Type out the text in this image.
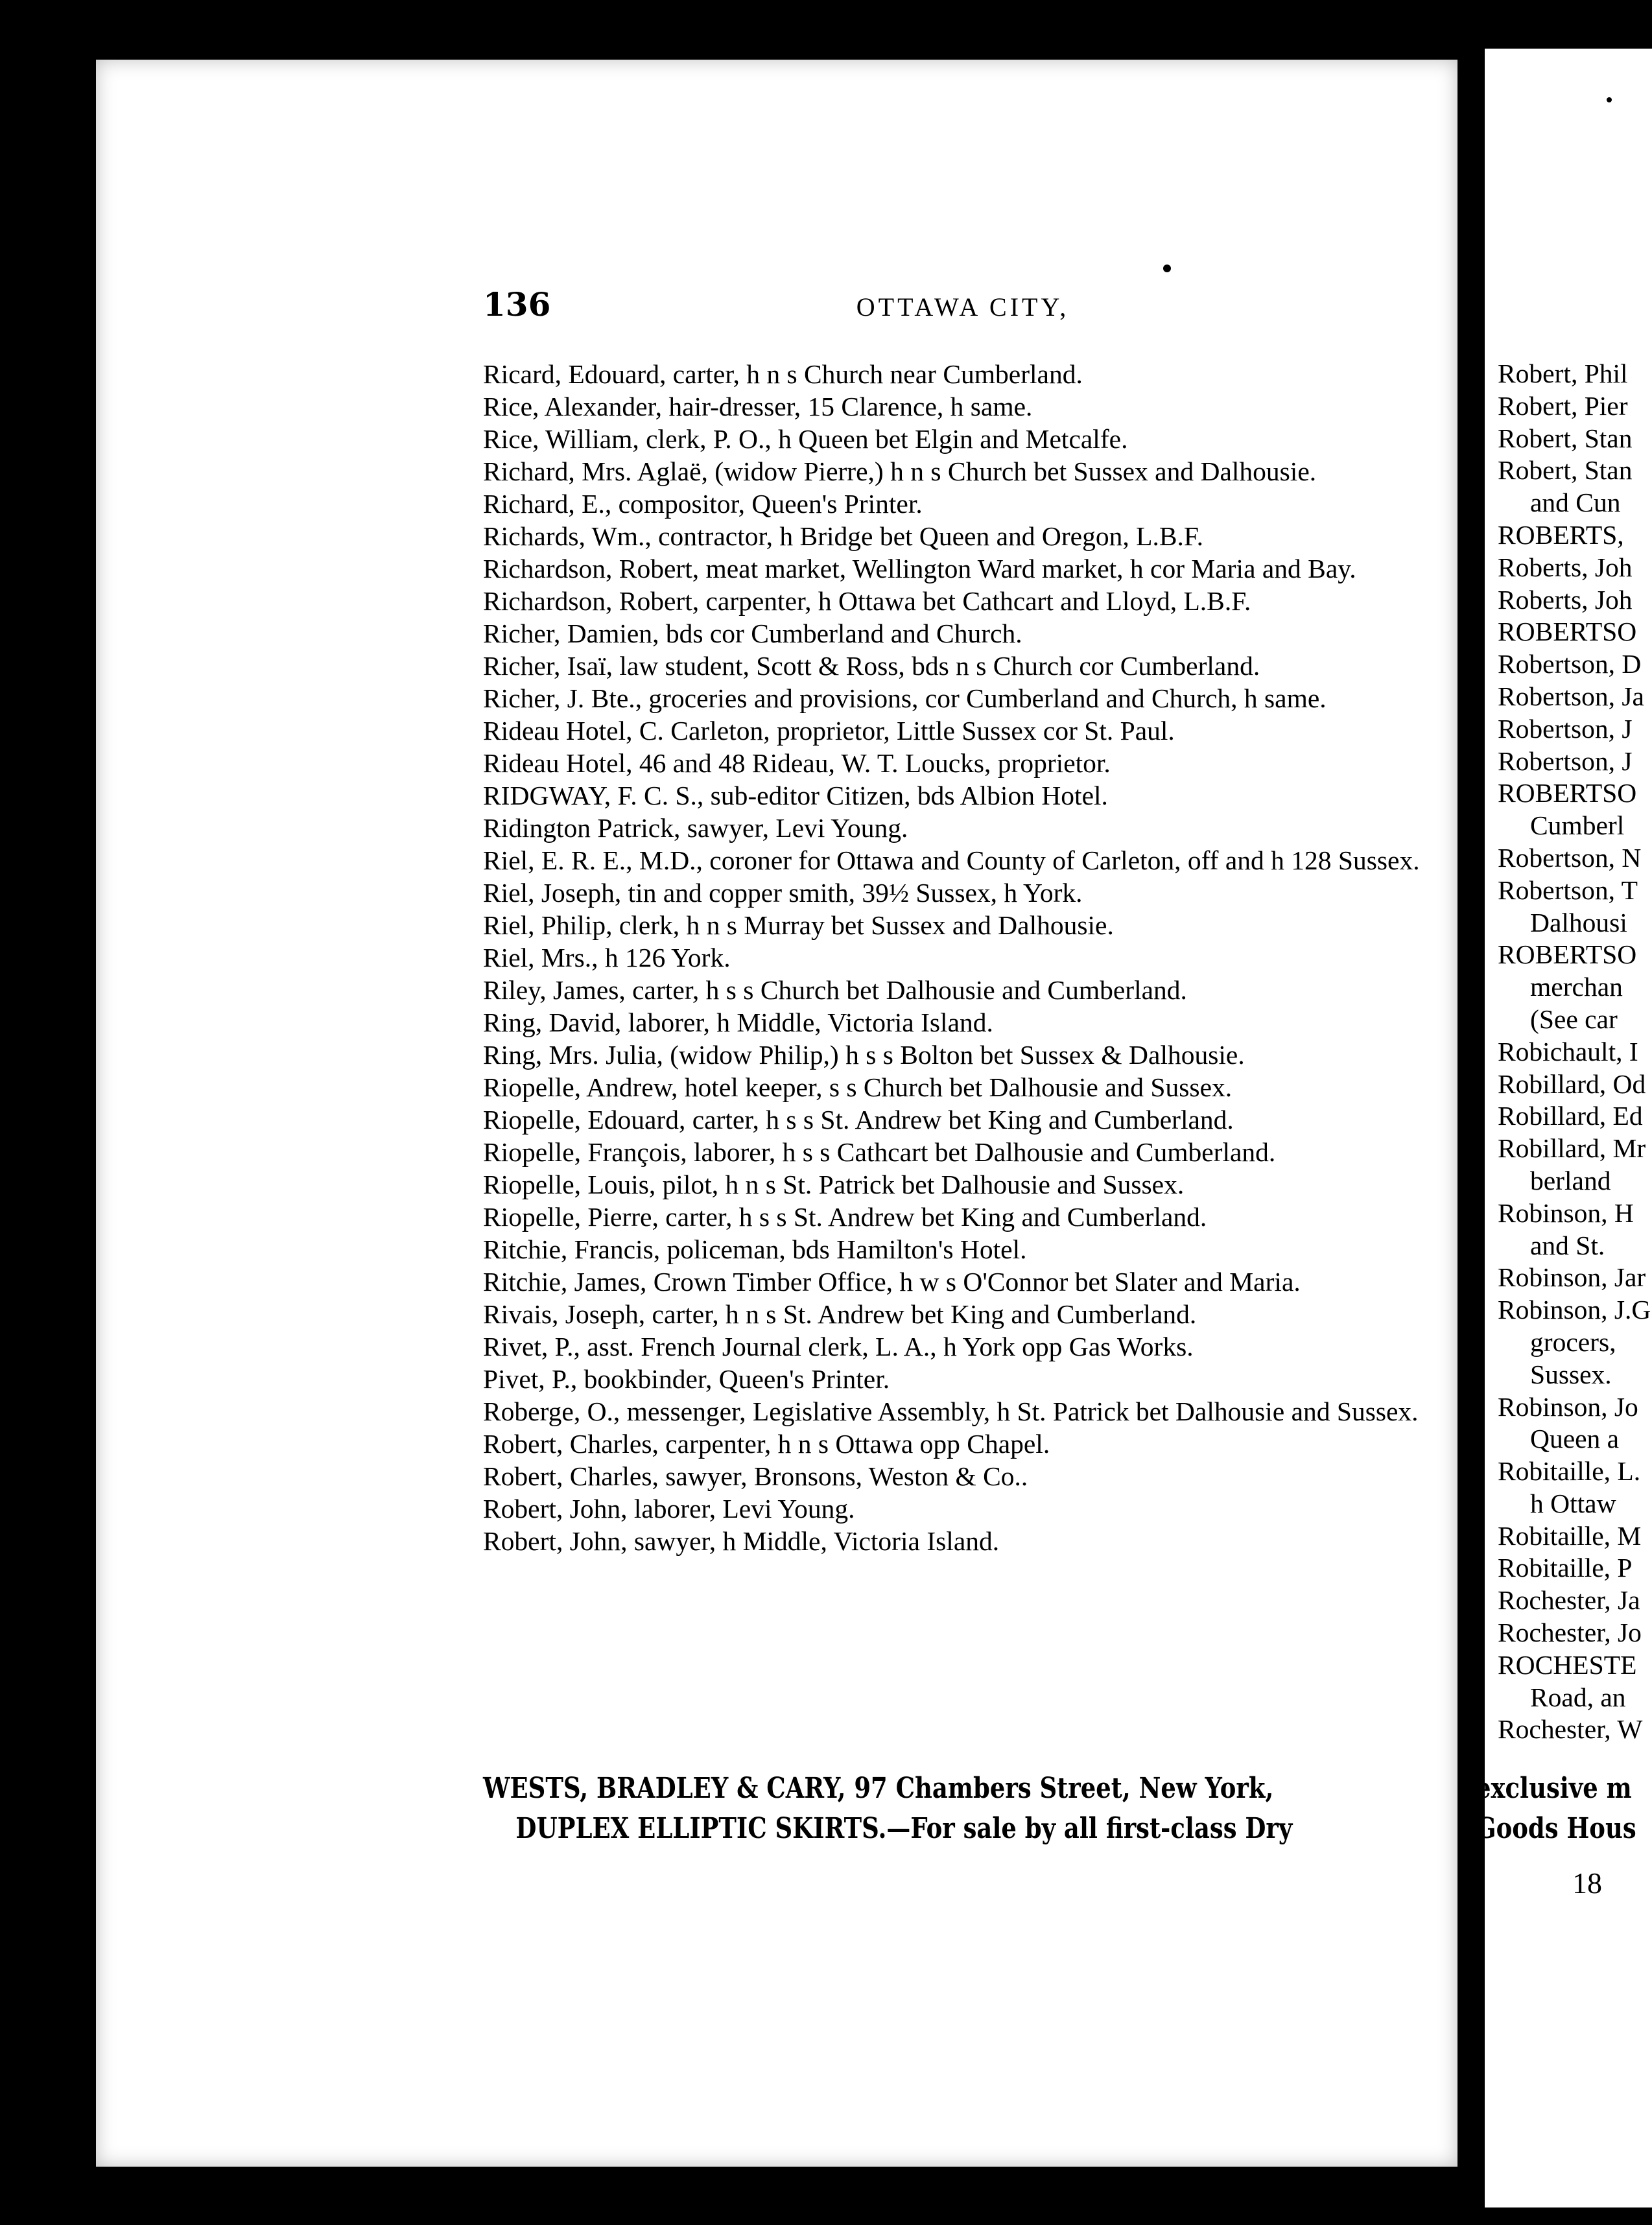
136	OTTAWA CITY,
Ricard, Edouard, carter, h n s Church near Cumberland.
Rice, Alexander, hair-dresser, 15 Clarence, h same.
Rice, William, clerk, P. O., h Queen bet Elgin and Metcalfe.
Richard, Mrs. Aglaë, (widow Pierre,) h n s Church bet Sussex and Dalhousie.
Richard, E., compositor, Queen's Printer.
Richards, Wm., contractor, h Bridge bet Queen and Oregon, L.B.F.
Richardson, Robert, meat market, Wellington Ward market, h cor Maria and Bay.
Richardson, Robert, carpenter, h Ottawa bet Cathcart and Lloyd, L.B.F.
Richer, Damien, bds cor Cumberland and Church.
Richer, Isaï, law student, Scott & Ross, bds n s Church cor Cumberland.
Richer, J. Bte., groceries and provisions, cor Cumberland and Church, h same.
Rideau Hotel, C. Carleton, proprietor, Little Sussex cor St. Paul.
Rideau Hotel, 46 and 48 Rideau, W. T. Loucks, proprietor.
RIDGWAY, F. C. S., sub-editor Citizen, bds Albion Hotel.
Ridington Patrick, sawyer, Levi Young.
Riel, E. R. E., M.D., coroner for Ottawa and County of Carleton, off and h 128 Sussex.
Riel, Joseph, tin and copper smith, 39½ Sussex, h York.
Riel, Philip, clerk, h n s Murray bet Sussex and Dalhousie.
Riel, Mrs., h 126 York.
Riley, James, carter, h s s Church bet Dalhousie and Cumberland.
Ring, David, laborer, h Middle, Victoria Island.
Ring, Mrs. Julia, (widow Philip,) h s s Bolton bet Sussex & Dalhousie.
Riopelle, Andrew, hotel keeper, s s Church bet Dalhousie and Sussex.
Riopelle, Edouard, carter, h s s St. Andrew bet King and Cumberland.
Riopelle, François, laborer, h s s Cathcart bet Dalhousie and Cumberland.
Riopelle, Louis, pilot, h n s St. Patrick bet Dalhousie and Sussex.
Riopelle, Pierre, carter, h s s St. Andrew bet King and Cumberland.
Ritchie, Francis, policeman, bds Hamilton's Hotel.
Ritchie, James, Crown Timber Office, h w s O'Connor bet Slater and Maria.
Rivais, Joseph, carter, h n s St. Andrew bet King and Cumberland.
Rivet, P., asst. French Journal clerk, L. A., h York opp Gas Works.
Pivet, P., bookbinder, Queen's Printer.
Roberge, O., messenger, Legislative Assembly, h St. Patrick bet Dalhousie and Sussex.
Robert, Charles, carpenter, h n s Ottawa opp Chapel.
Robert, Charles, sawyer, Bronsons, Weston & Co..
Robert, John, laborer, Levi Young.
Robert, John, sawyer, h Middle, Victoria Island.
WESTS, BRADLEY & CARY, 97 Chambers Street, New York,
DUPLEX ELLIPTIC SKIRTS.—For sale by all first-class Dry
Robert, Phil
Robert, Pier
Robert, Stan
Robert, Stan
and Cun
ROBERTS,
Roberts, Joh
Roberts, Joh
ROBERTSO
Robertson, D
Robertson, Ja
Robertson, J
Robertson, J
ROBERTSO
Cumberl
Robertson, N
Robertson, T
Dalhousi
ROBERTSO
merchan
(See car
Robichault, I
Robillard, Od
Robillard, Ed
Robillard, Mr
berland
Robinson, H
and St.
Robinson, Jar
Robinson, J.G
grocers,
Sussex.
Robinson, Jo
Queen a
Robitaille, L.
h Ottaw
Robitaille, M
Robitaille, P
Rochester, Ja
Rochester, Jo
ROCHESTE
Road, an
Rochester, W
exclusive m
Goods Hous
18
